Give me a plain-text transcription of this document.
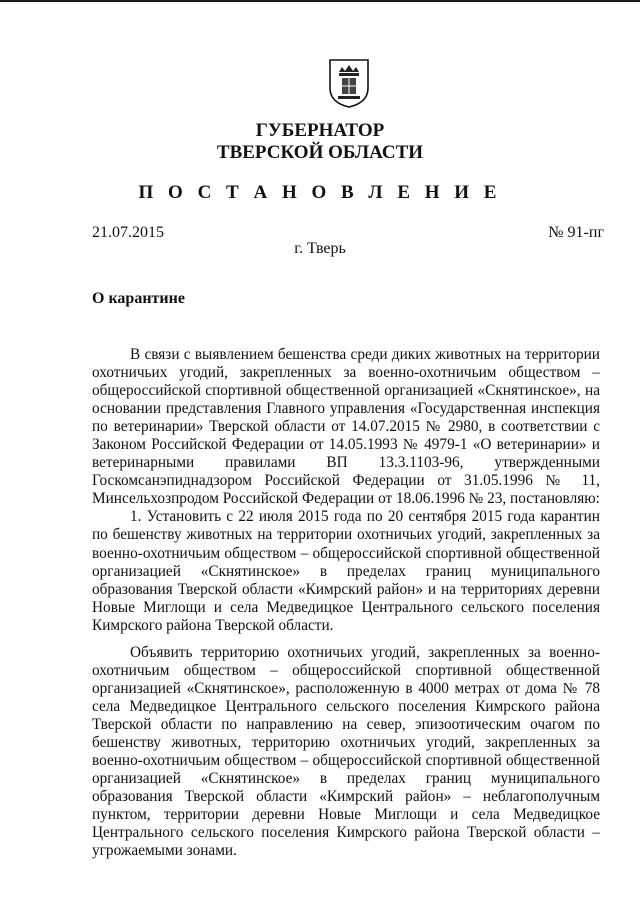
ГУБЕРНАТОР
ТВЕРСКОЙ ОБЛАСТИ
П О С Т А Н О В Л Е Н И Е
21.07.2015	№ 91-пг
г. Тверь
О карантине

В связи с выявлением бешенства среди диких животных на территории охотничьих угодий, закрепленных за военно-охотничьим обществом – общероссийской спортивной общественной организацией «Скнятинское», на основании представления Главного управления «Государственная инспекция по ветеринарии» Тверской области от 14.07.2015 № 2980, в соответствии с Законом Российской Федерации от 14.05.1993 № 4979-1 «О ветеринарии» и ветеринарными правилами ВП 13.3.1103-96, утвержденными Госкомсанэпиднадзором Российской Федерации от 31.05.1996 № 11, Минсельхозпродом Российской Федерации от 18.06.1996 № 23, постановляю:

1. Установить с 22 июля 2015 года по 20 сентября 2015 года карантин по бешенству животных на территории охотничьих угодий, закрепленных за военно-охотничьим обществом – общероссийской спортивной общественной организацией «Скнятинское» в пределах границ муниципального образования Тверской области «Кимрский район» и на территориях деревни Новые Миглощи и села Медведицкое Центрального сельского поселения Кимрского района Тверской области.

Объявить территорию охотничьих угодий, закрепленных за военно-охотничьим обществом – общероссийской спортивной общественной организацией «Скнятинское», расположенную в 4000 метрах от дома № 78 села Медведицкое Центрального сельского поселения Кимрского района Тверской области по направлению на север, эпизоотическим очагом по бешенству животных, территорию охотничьих угодий, закрепленных за военно-охотничьим обществом – общероссийской спортивной общественной организацией «Скнятинское» в пределах границ муниципального образования Тверской области «Кимрский район» – неблагополучным пунктом, территории деревни Новые Миглощи и села Медведицкое Центрального сельского поселения Кимрского района Тверской области – угрожаемыми зонами.
